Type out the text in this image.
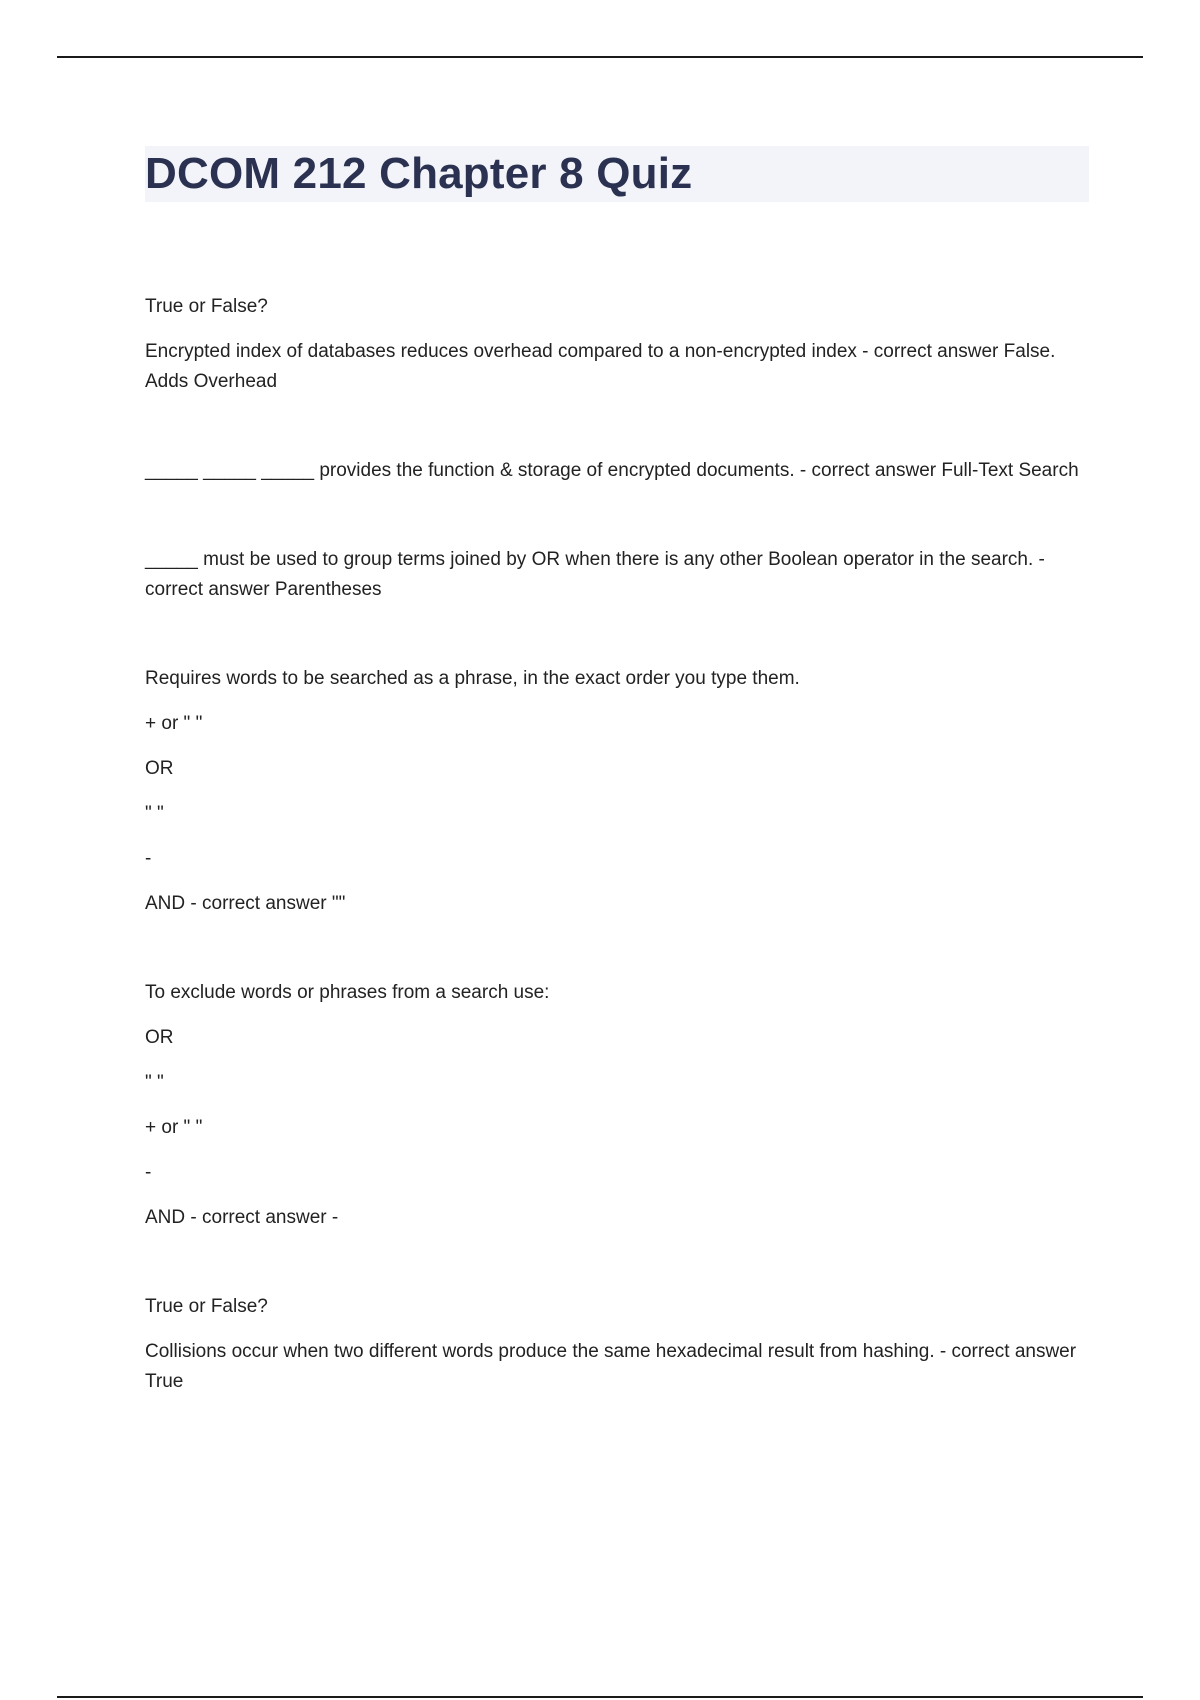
DCOM 212 Chapter 8 Quiz

True or False?

Encrypted index of databases reduces overhead compared to a non-encrypted index - correct answer False. Adds Overhead

_____ _____ _____ provides the function & storage of encrypted documents. - correct answer Full-Text Search

_____ must be used to group terms joined by OR when there is any other Boolean operator in the search. - correct answer Parentheses

Requires words to be searched as a phrase, in the exact order you type them.

+ or " "

OR

" "

-

AND - correct answer ""

To exclude words or phrases from a search use:

OR

" "

+ or " "

-

AND - correct answer -

True or False?

Collisions occur when two different words produce the same hexadecimal result from hashing. - correct answer True
